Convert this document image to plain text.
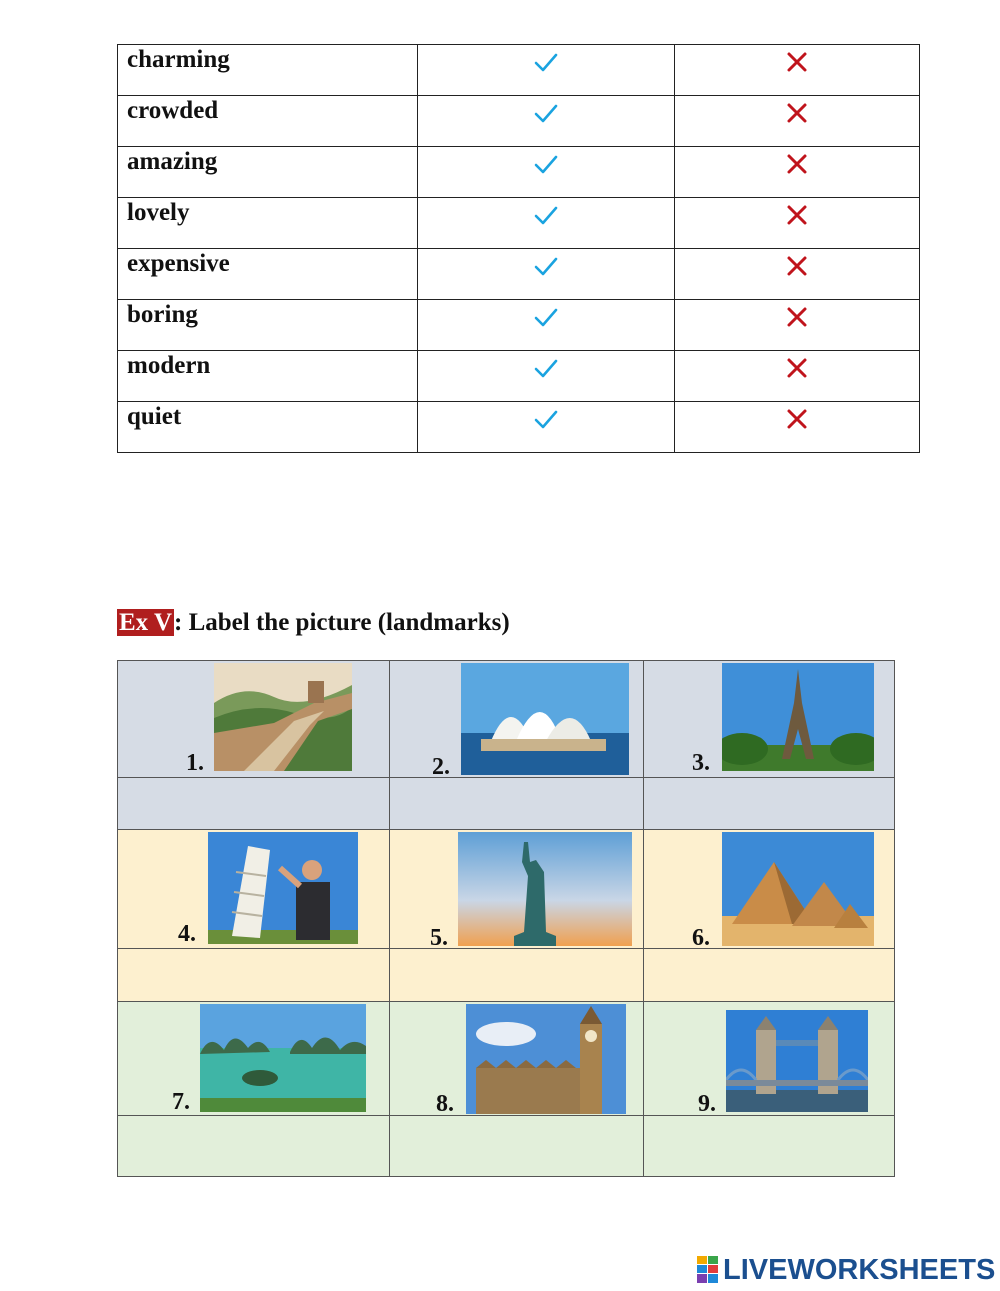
charming		
crowded		
amazing		
lovely		
expensive		
boring		
modern		
quiet		
Ex V: Label the picture (landmarks)
1.	2.	3.

4.	5.	6.

7.	8.	9.

LIVEWORKSHEETS
